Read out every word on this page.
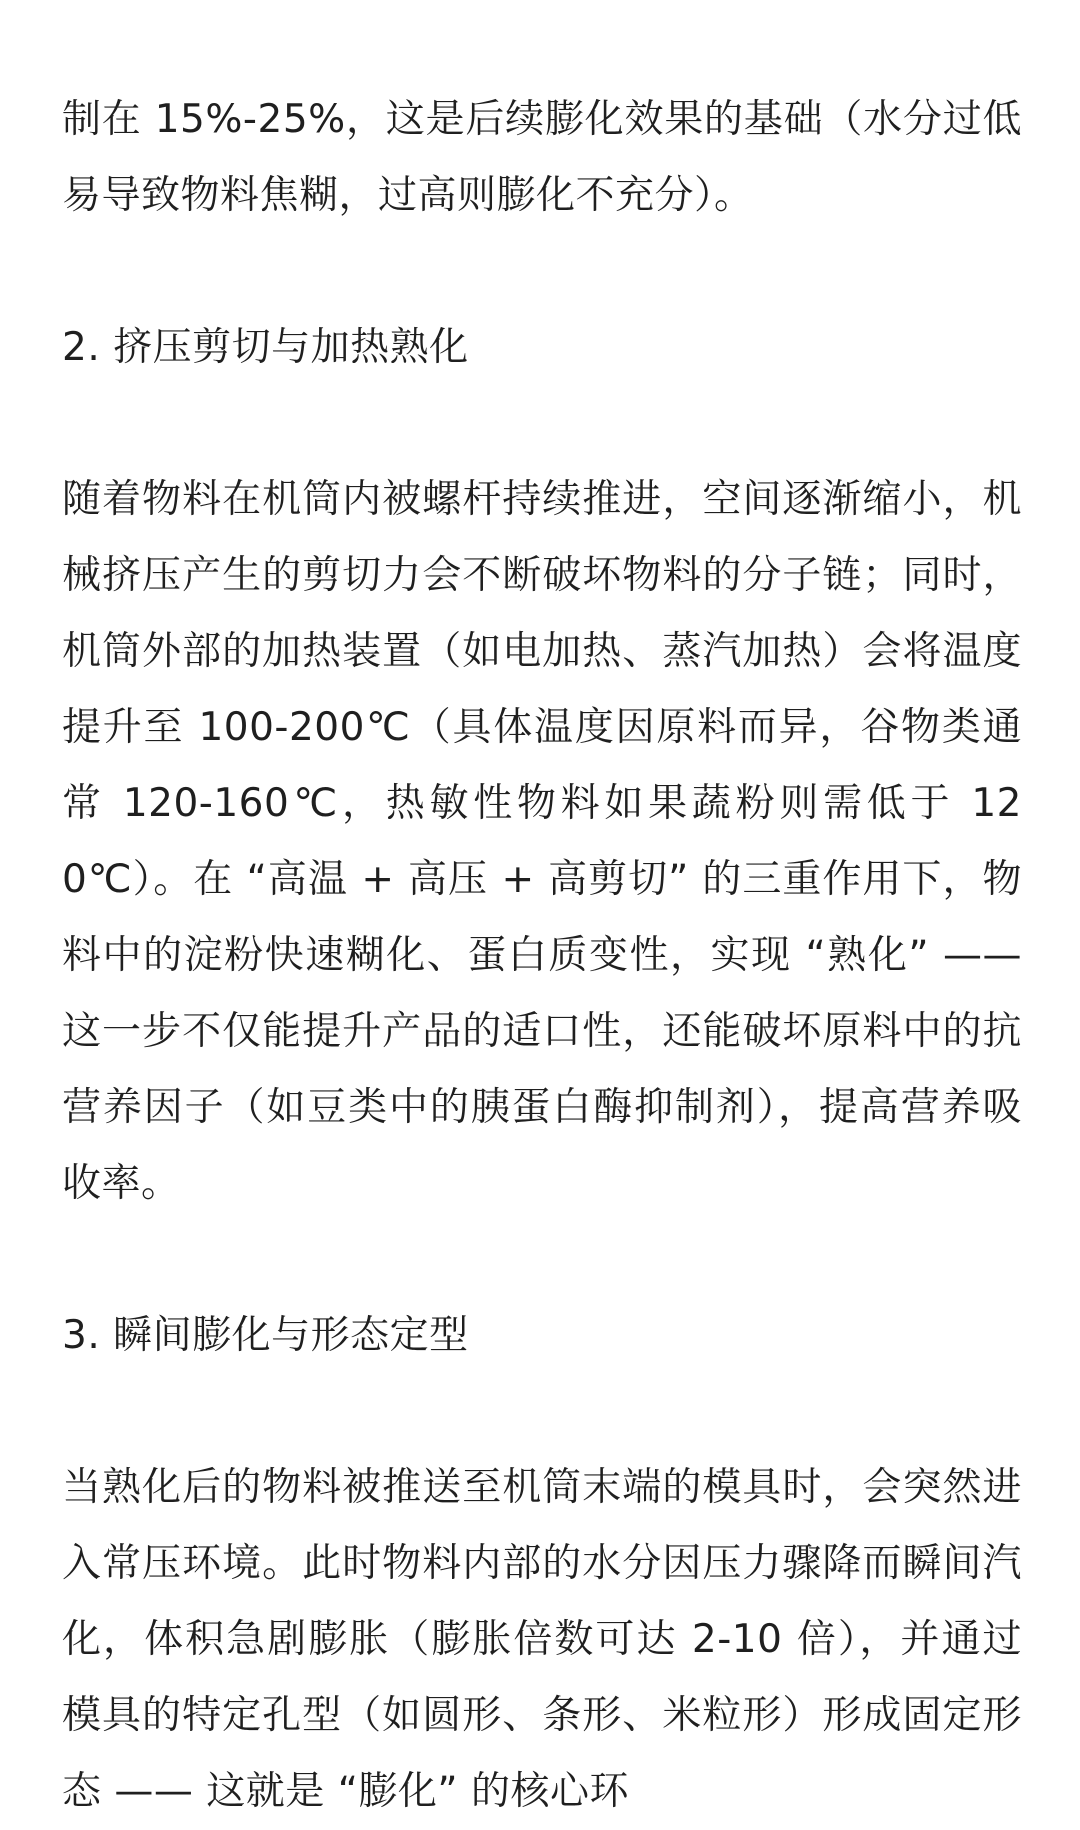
制在 15%-25%，这是后续膨化效果的基础（水分过低易导致物料焦糊，过高则膨化不充分）。

2. 挤压剪切与加热熟化

随着物料在机筒内被螺杆持续推进，空间逐渐缩小，机械挤压产生的剪切力会不断破坏物料的分子链；同时，机筒外部的加热装置（如电加热、蒸汽加热）会将温度提升至 100-200℃（具体温度因原料而异，谷物类通常 120-160℃，热敏性物料如果蔬粉则需低于 120℃）。在 “高温 + 高压 + 高剪切” 的三重作用下，物料中的淀粉快速糊化、蛋白质变性，实现 “熟化” —— 这一步不仅能提升产品的适口性，还能破坏原料中的抗营养因子（如豆类中的胰蛋白酶抑制剂），提高营养吸收率。

3. 瞬间膨化与形态定型

当熟化后的物料被推送至机筒末端的模具时，会突然进入常压环境。此时物料内部的水分因压力骤降而瞬间汽化，体积急剧膨胀（膨胀倍数可达 2-10 倍），并通过模具的特定孔型（如圆形、条形、米粒形）形成固定形态 —— 这就是 “膨化” 的核心环
